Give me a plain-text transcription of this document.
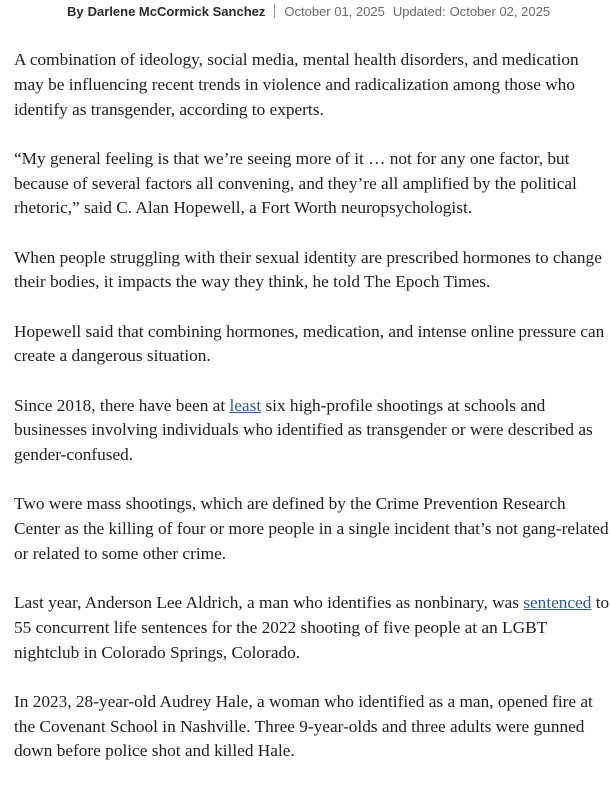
By Darlene McCormick Sanchez October 01, 2025 Updated: October 02, 2025

A combination of ideology, social media, mental health disorders, and medication may be influencing recent trends in violence and radicalization among those who identify as transgender, according to experts.

“My general feeling is that we’re seeing more of it … not for any one factor, but because of several factors all convening, and they’re all amplified by the political rhetoric,” said C. Alan Hopewell, a Fort Worth neuropsychologist.

When people struggling with their sexual identity are prescribed hormones to change their bodies, it impacts the way they think, he told The Epoch Times.

Hopewell said that combining hormones, medication, and intense online pressure can create a dangerous situation.

Since 2018, there have been at least six high-profile shootings at schools and businesses involving individuals who identified as transgender or were described as gender-confused.

Two were mass shootings, which are defined by the Crime Prevention Research Center as the killing of four or more people in a single incident that’s not gang-related or related to some other crime.

Last year, Anderson Lee Aldrich, a man who identifies as nonbinary, was sentenced to 55 concurrent life sentences for the 2022 shooting of five people at an LGBT nightclub in Colorado Springs, Colorado.

In 2023, 28-year-old Audrey Hale, a woman who identified as a man, opened fire at the Covenant School in Nashville. Three 9-year-olds and three adults were gunned down before police shot and killed Hale.
